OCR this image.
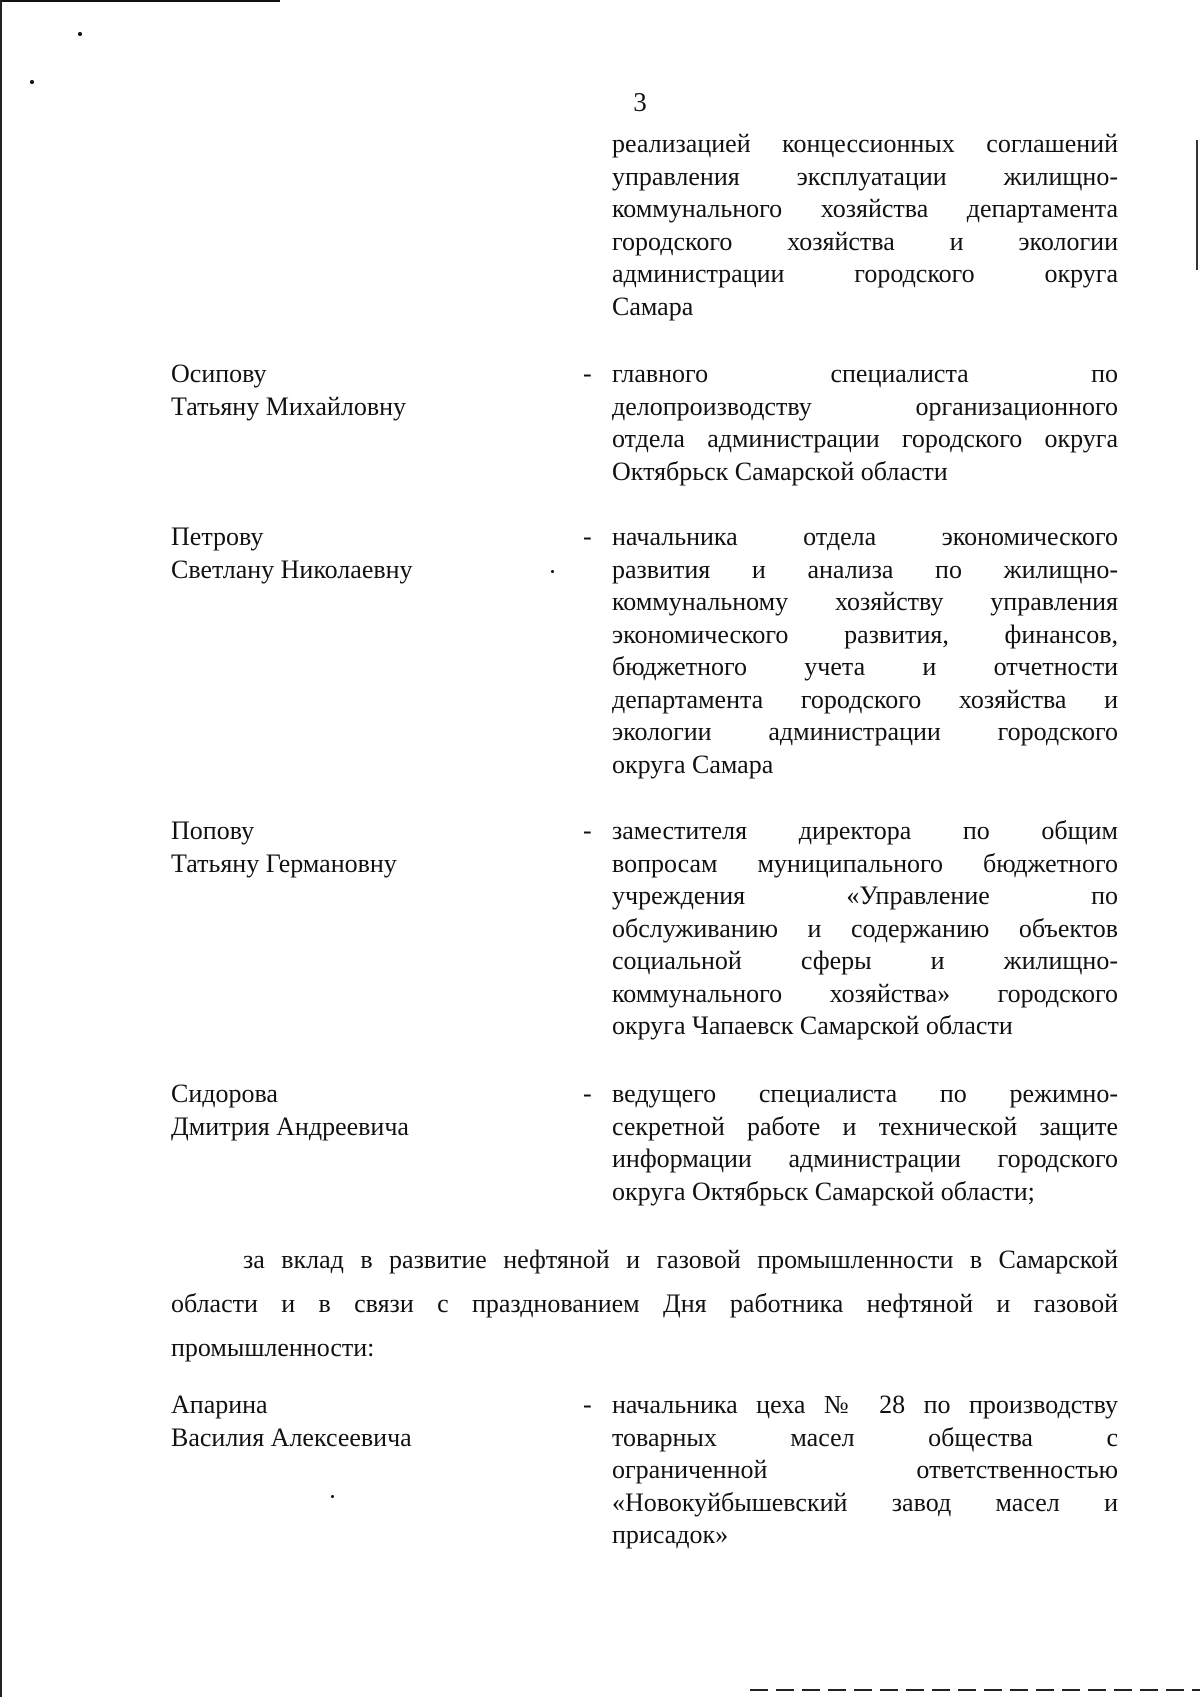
3
реализацией концессионных соглашений
управления эксплуатации жилищно-
коммунального хозяйства департамента
городского хозяйства и экологии
администрации городского округа
Самара
Осипову
Татьяну Михайловну
- главного специалиста по
делопроизводству организационного
отдела администрации городского округа
Октябрьск Самарской области
Петрову
Светлану Николаевну
- начальника отдела экономического
развития и анализа по жилищно-
коммунальному хозяйству управления
экономического развития, финансов,
бюджетного учета и отчетности
департамента городского хозяйства и
экологии администрации городского
округа Самара
Попову
Татьяну Германовну
- заместителя директора по общим
вопросам муниципального бюджетного
учреждения «Управление по
обслуживанию и содержанию объектов
социальной сферы и жилищно-
коммунального хозяйства» городского
округа Чапаевск Самарской области
Сидорова
Дмитрия Андреевича
- ведущего специалиста по режимно-
секретной работе и технической защите
информации администрации городского
округа Октябрьск Самарской области;
за вклад в развитие нефтяной и газовой промышленности в Самарской области и в связи с празднованием Дня работника нефтяной и газовой промышленности:
Апарина
Василия Алексеевича
- начальника цеха № 28 по производству
товарных масел общества с
ограниченной ответственностью
«Новокуйбышевский завод масел и
присадок»
